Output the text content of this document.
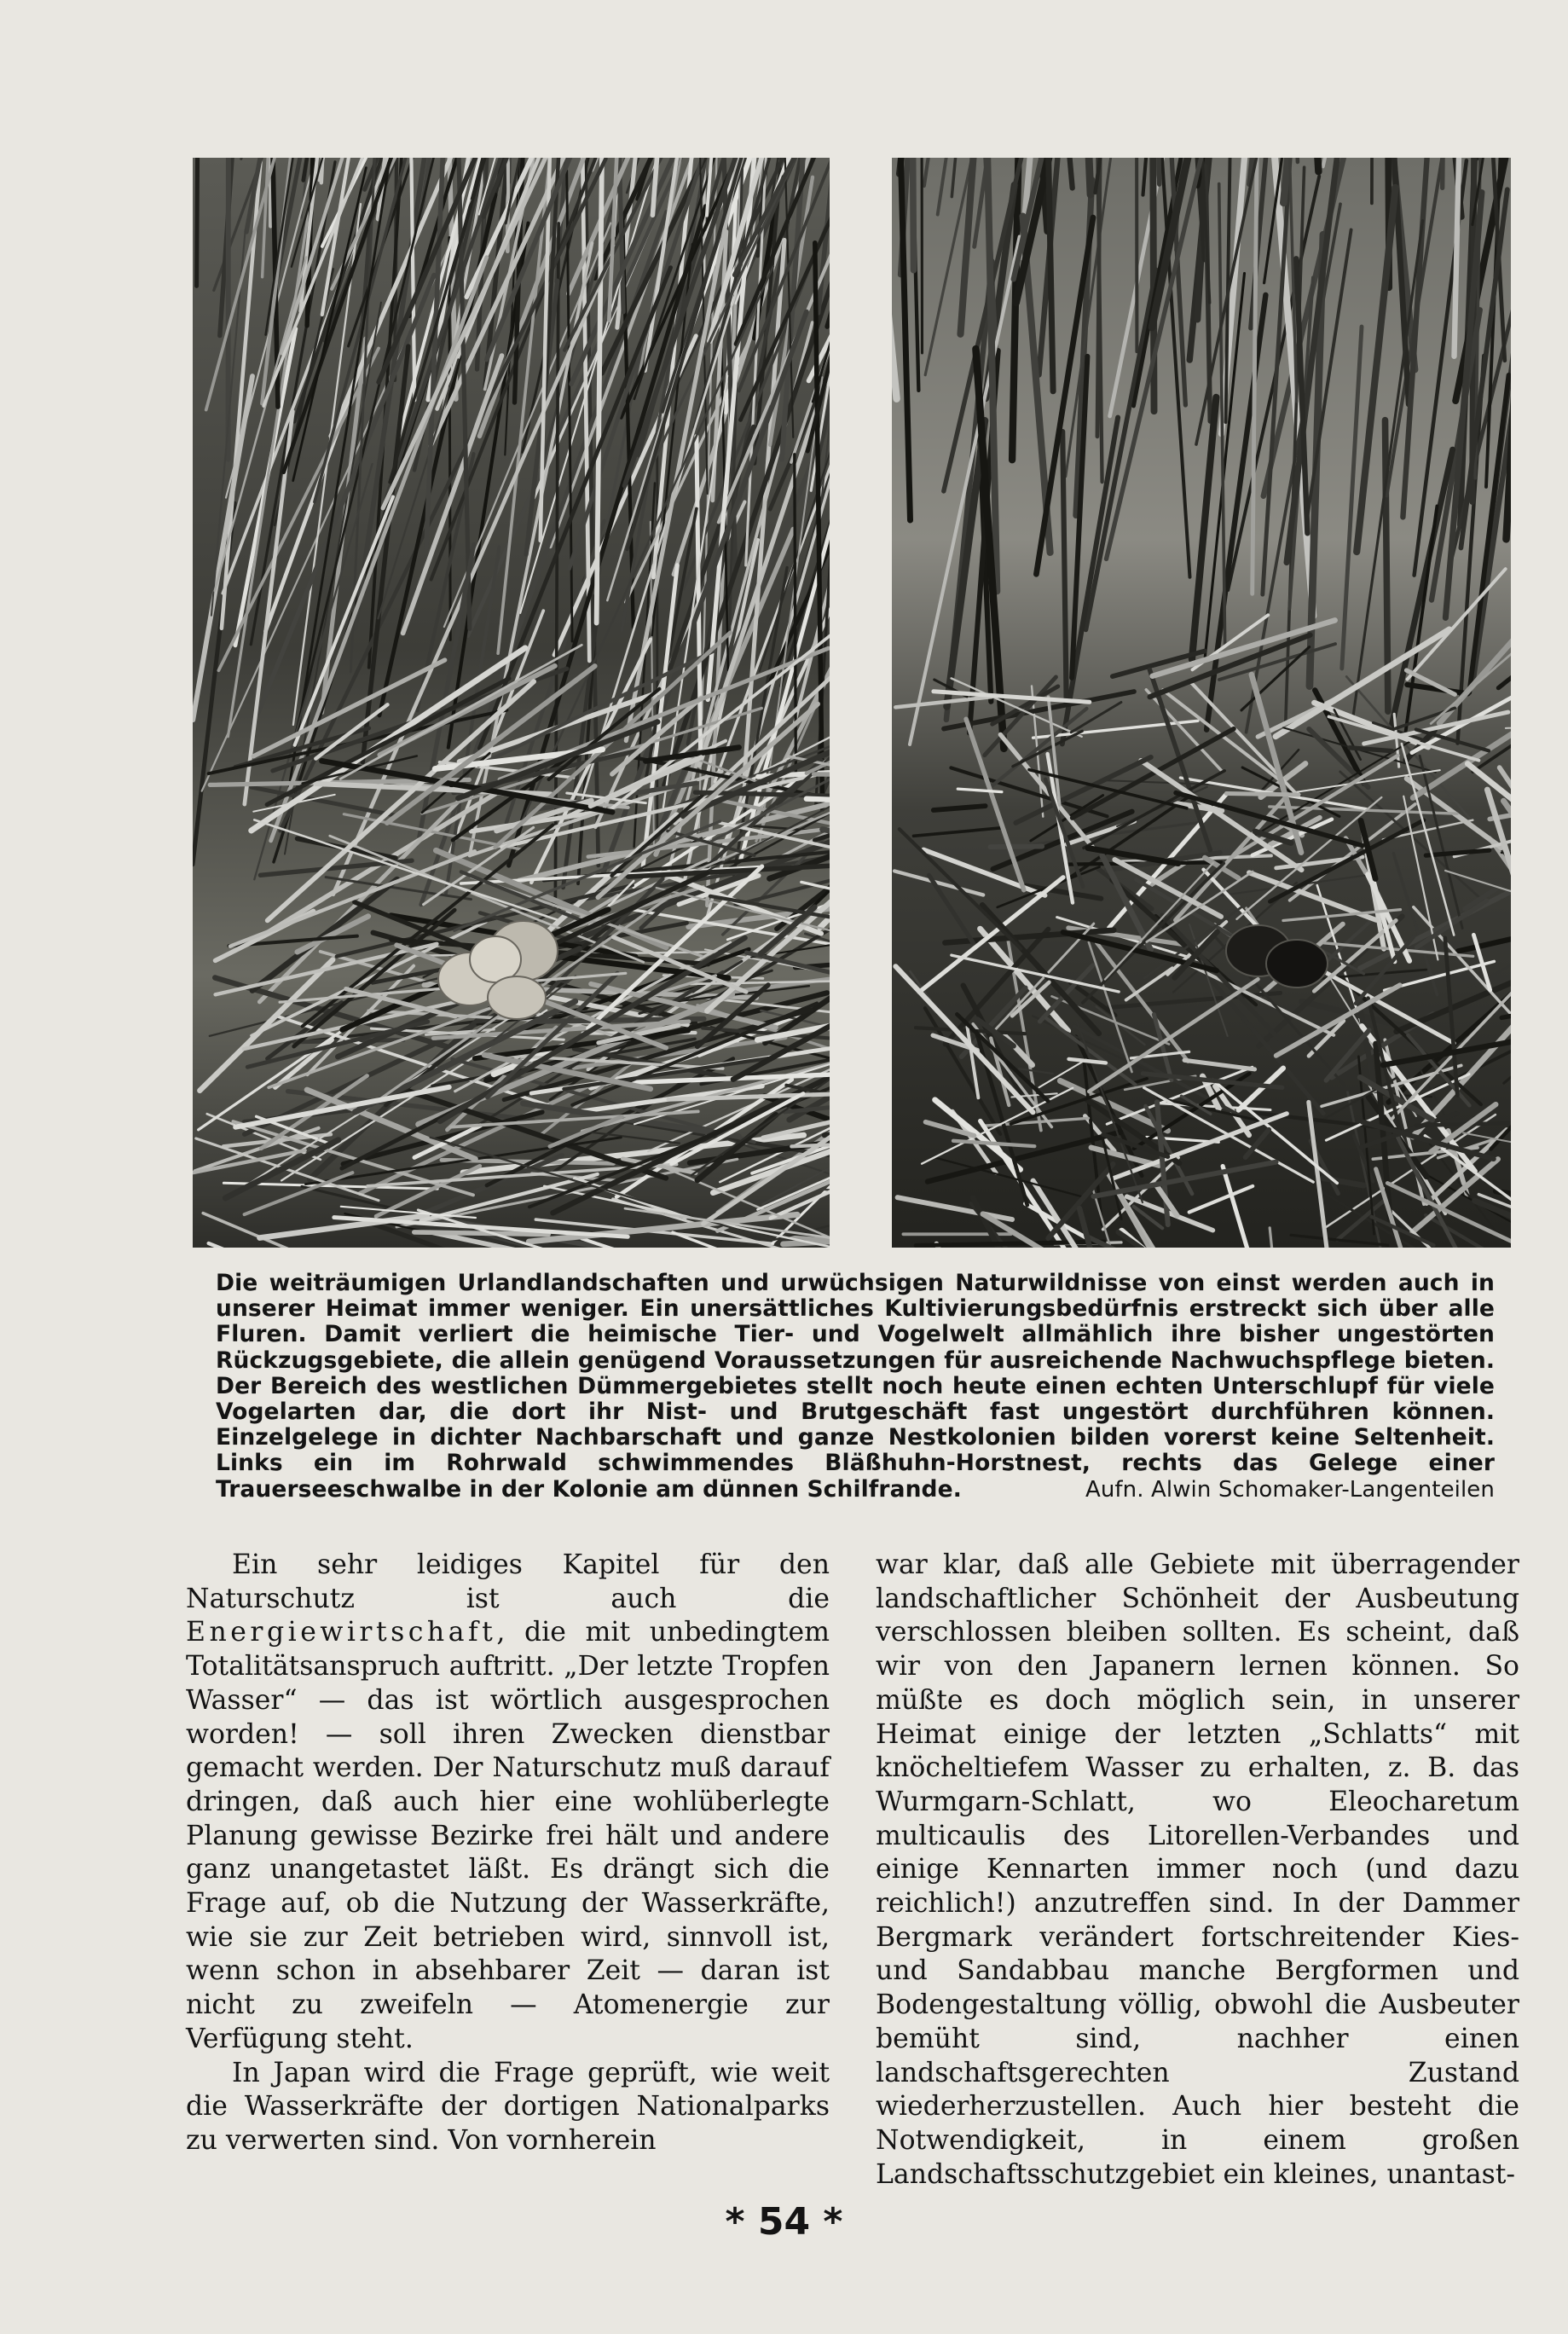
Die weiträumigen Urlandlandschaften und urwüchsigen Naturwildnisse von einst werden auch in unserer Heimat immer weniger. Ein unersättliches Kultivierungsbedürfnis erstreckt sich über alle Fluren. Damit verliert die heimische Tier- und Vogelwelt allmählich ihre bisher ungestörten Rückzugsgebiete, die allein genügend Voraussetzungen für ausreichende Nachwuchspflege bieten. Der Bereich des westlichen Dümmergebietes stellt noch heute einen echten Unterschlupf für viele Vogelarten dar, die dort ihr Nist- und Brutgeschäft fast ungestört durchführen können. Einzelgelege in dichter Nachbarschaft und ganze Nestkolonien bilden vorerst keine Seltenheit. Links ein im Rohrwald schwimmendes Bläßhuhn-Horstnest, rechts das Gelege einer Trauerseeschwalbe in der Kolonie am dünnen Schilfrande.	Aufn. Alwin Schomaker-Langenteilen

Ein sehr leidiges Kapitel für den Naturschutz ist auch die Energiewirtschaft, die mit unbedingtem Totalitätsanspruch auftritt. „Der letzte Tropfen Wasser“ — das ist wörtlich ausgesprochen worden! — soll ihren Zwecken dienstbar gemacht werden. Der Naturschutz muß darauf dringen, daß auch hier eine wohlüberlegte Planung gewisse Bezirke frei hält und andere ganz unangetastet läßt. Es drängt sich die Frage auf, ob die Nutzung der Wasserkräfte, wie sie zur Zeit betrieben wird, sinnvoll ist, wenn schon in absehbarer Zeit — daran ist nicht zu zweifeln — Atomenergie zur Verfügung steht.

In Japan wird die Frage geprüft, wie weit die Wasserkräfte der dortigen Nationalparks zu verwerten sind. Von vornherein

war klar, daß alle Gebiete mit überragender landschaftlicher Schönheit der Ausbeutung verschlossen bleiben sollten. Es scheint, daß wir von den Japanern lernen können. So müßte es doch möglich sein, in unserer Heimat einige der letzten „Schlatts“ mit knöcheltiefem Wasser zu erhalten, z. B. das Wurmgarn-Schlatt, wo Eleocharetum multicaulis des Litorellen-Verbandes und einige Kennarten immer noch (und dazu reichlich!) anzutreffen sind. In der Dammer Bergmark verändert fortschreitender Kies- und Sandabbau manche Bergformen und Bodengestaltung völlig, obwohl die Ausbeuter bemüht sind, nachher einen landschaftsgerechten Zustand wiederherzustellen. Auch hier besteht die Notwendigkeit, in einem großen Landschaftsschutzgebiet ein kleines, unantast-

* 54 *
